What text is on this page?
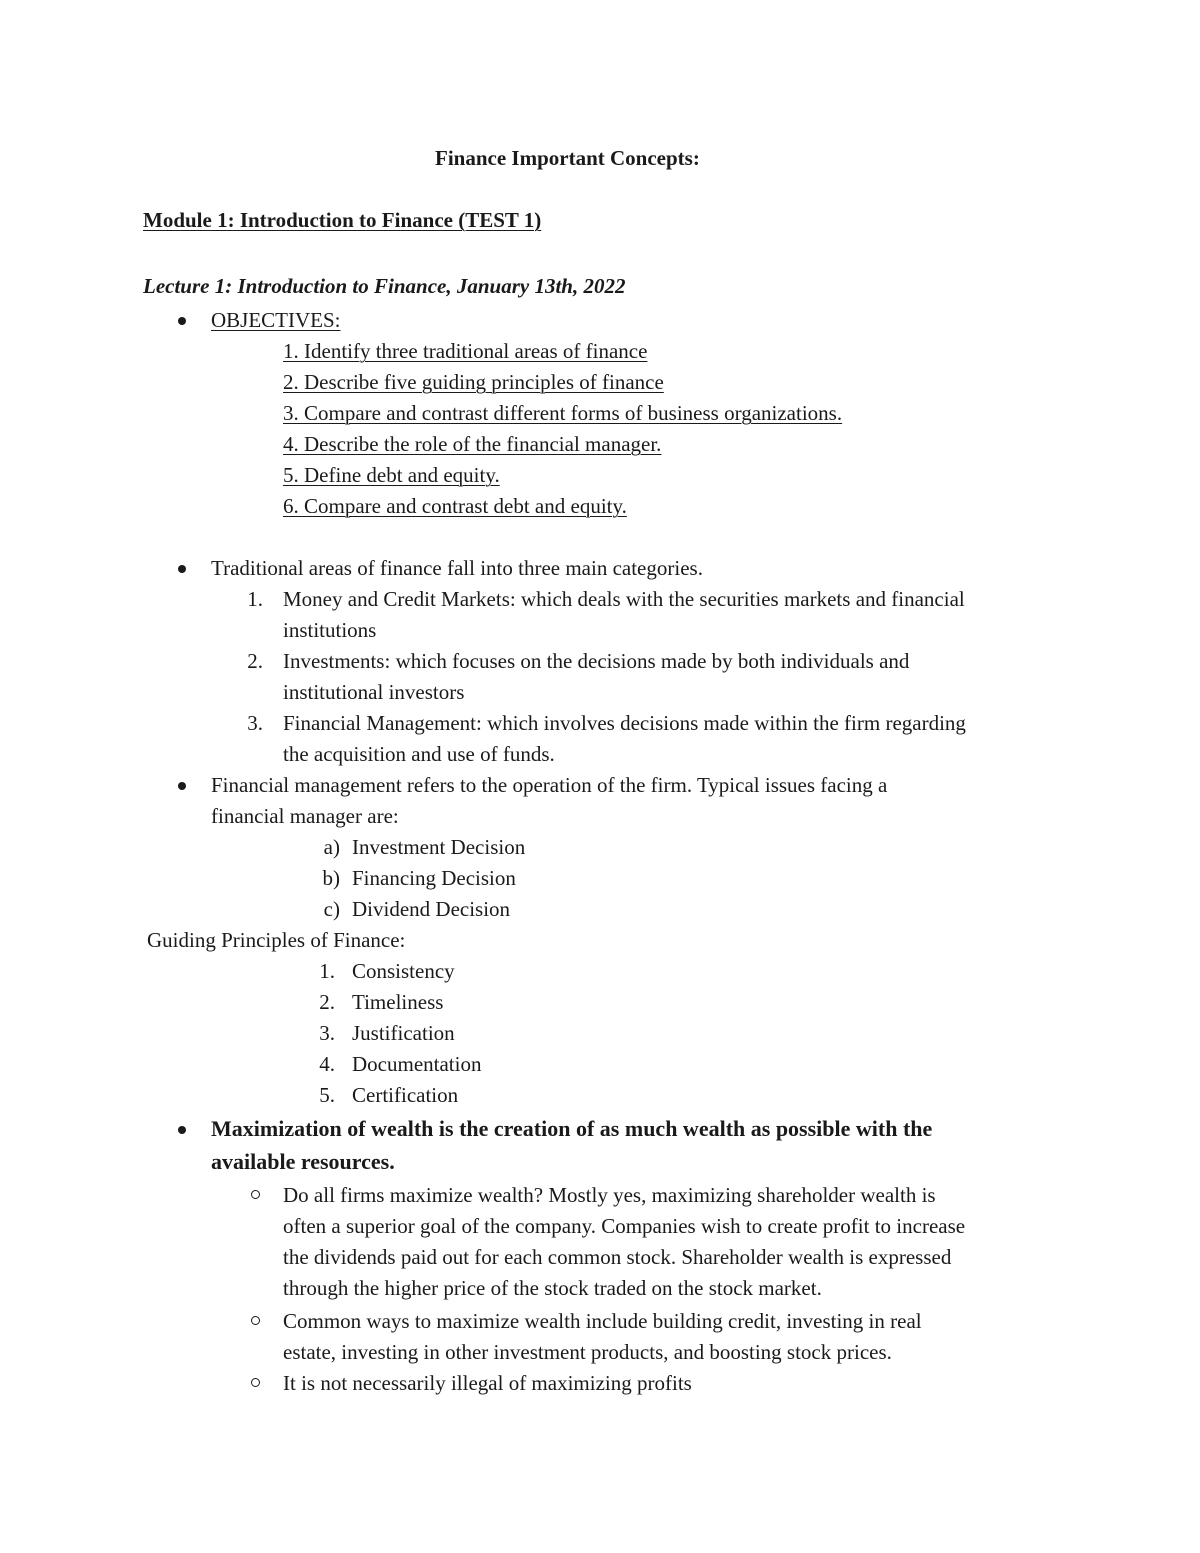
Finance Important Concepts:
Module 1: Introduction to Finance (TEST 1)
Lecture 1: Introduction to Finance, January 13th, 2022
OBJECTIVES:
1. Identify three traditional areas of finance
2. Describe five guiding principles of finance
3. Compare and contrast different forms of business organizations.
4. Describe the role of the financial manager.
5. Define debt and equity.
6. Compare and contrast debt and equity.
Traditional areas of finance fall into three main categories.
1. Money and Credit Markets: which deals with the securities markets and financial
institutions
2. Investments: which focuses on the decisions made by both individuals and
institutional investors
3. Financial Management: which involves decisions made within the firm regarding
the acquisition and use of funds.
Financial management refers to the operation of the firm. Typical issues facing a
financial manager are:
a) Investment Decision
b) Financing Decision
c) Dividend Decision
Guiding Principles of Finance:
1. Consistency
2. Timeliness
3. Justification
4. Documentation
5. Certification
Maximization of wealth is the creation of as much wealth as possible with the
available resources.
Do all firms maximize wealth? Mostly yes, maximizing shareholder wealth is
often a superior goal of the company. Companies wish to create profit to increase
the dividends paid out for each common stock. Shareholder wealth is expressed
through the higher price of the stock traded on the stock market.
Common ways to maximize wealth include building credit, investing in real
estate, investing in other investment products, and boosting stock prices.
It is not necessarily illegal of maximizing profits
